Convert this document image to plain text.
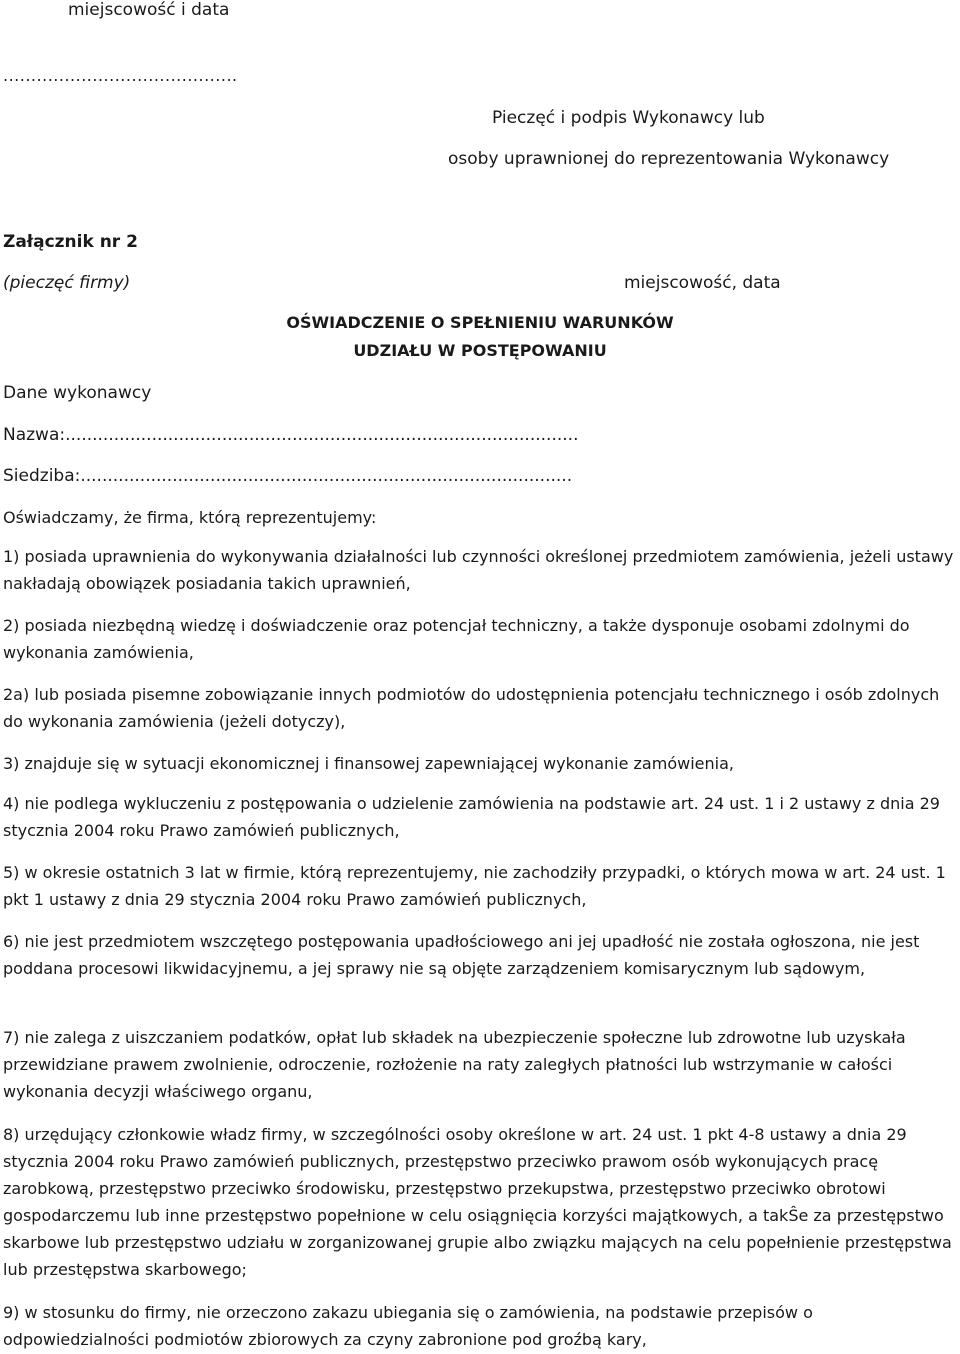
miejscowość i data
..........................................
Pieczęć i podpis Wykonawcy lub
osoby uprawnionej do reprezentowania Wykonawcy
Załącznik nr 2
(pieczęć firmy)	miejscowość, data
OŚWIADCZENIE O SPEŁNIENIU WARUNKÓW
UDZIAŁU W POSTĘPOWANIU
Dane wykonawcy
Nazwa:...............................................................................................
Siedziba:...........................................................................................
Oświadczamy, że firma, którą reprezentujemy:
1) posiada uprawnienia do wykonywania działalności lub czynności określonej przedmiotem zamówienia, jeżeli ustawy nakładają obowiązek posiadania takich uprawnień,
2) posiada niezbędną wiedzę i doświadczenie oraz potencjał techniczny, a także dysponuje osobami zdolnymi do wykonania zamówienia,
2a) lub posiada pisemne zobowiązanie innych podmiotów do udostępnienia potencjału technicznego i osób zdolnych do wykonania zamówienia (jeżeli dotyczy),
3) znajduje się w sytuacji ekonomicznej i finansowej zapewniającej wykonanie zamówienia,
4) nie podlega wykluczeniu z postępowania o udzielenie zamówienia na podstawie art. 24 ust. 1 i 2 ustawy z dnia 29 stycznia 2004 roku Prawo zamówień publicznych,
5) w okresie ostatnich 3 lat w firmie, którą reprezentujemy, nie zachodziły przypadki, o których mowa w art. 24 ust. 1 pkt 1 ustawy z dnia 29 stycznia 2004 roku Prawo zamówień publicznych,
6) nie jest przedmiotem wszczętego postępowania upadłościowego ani jej upadłość nie została ogłoszona, nie jest poddana procesowi likwidacyjnemu, a jej sprawy nie są objęte zarządzeniem komisarycznym lub sądowym,
7) nie zalega z uiszczaniem podatków, opłat lub składek na ubezpieczenie społeczne lub zdrowotne lub uzyskała przewidziane prawem zwolnienie, odroczenie, rozłożenie na raty zaległych płatności lub wstrzymanie w całości wykonania decyzji właściwego organu,
8) urzędujący członkowie władz firmy, w szczególności osoby określone w art. 24 ust. 1 pkt 4-8 ustawy a dnia 29 stycznia 2004 roku Prawo zamówień publicznych, przestępstwo przeciwko prawom osób wykonujących pracę zarobkową, przestępstwo przeciwko środowisku, przestępstwo przekupstwa, przestępstwo przeciwko obrotowi gospodarczemu lub inne przestępstwo popełnione w celu osiągnięcia korzyści majątkowych, a takŜe za przestępstwo skarbowe lub przestępstwo udziału w zorganizowanej grupie albo związku mających na celu popełnienie przestępstwa lub przestępstwa skarbowego;
9) w stosunku do firmy, nie orzeczono zakazu ubiegania się o zamówienia, na podstawie przepisów o odpowiedzialności podmiotów zbiorowych za czyny zabronione pod groźbą kary,
